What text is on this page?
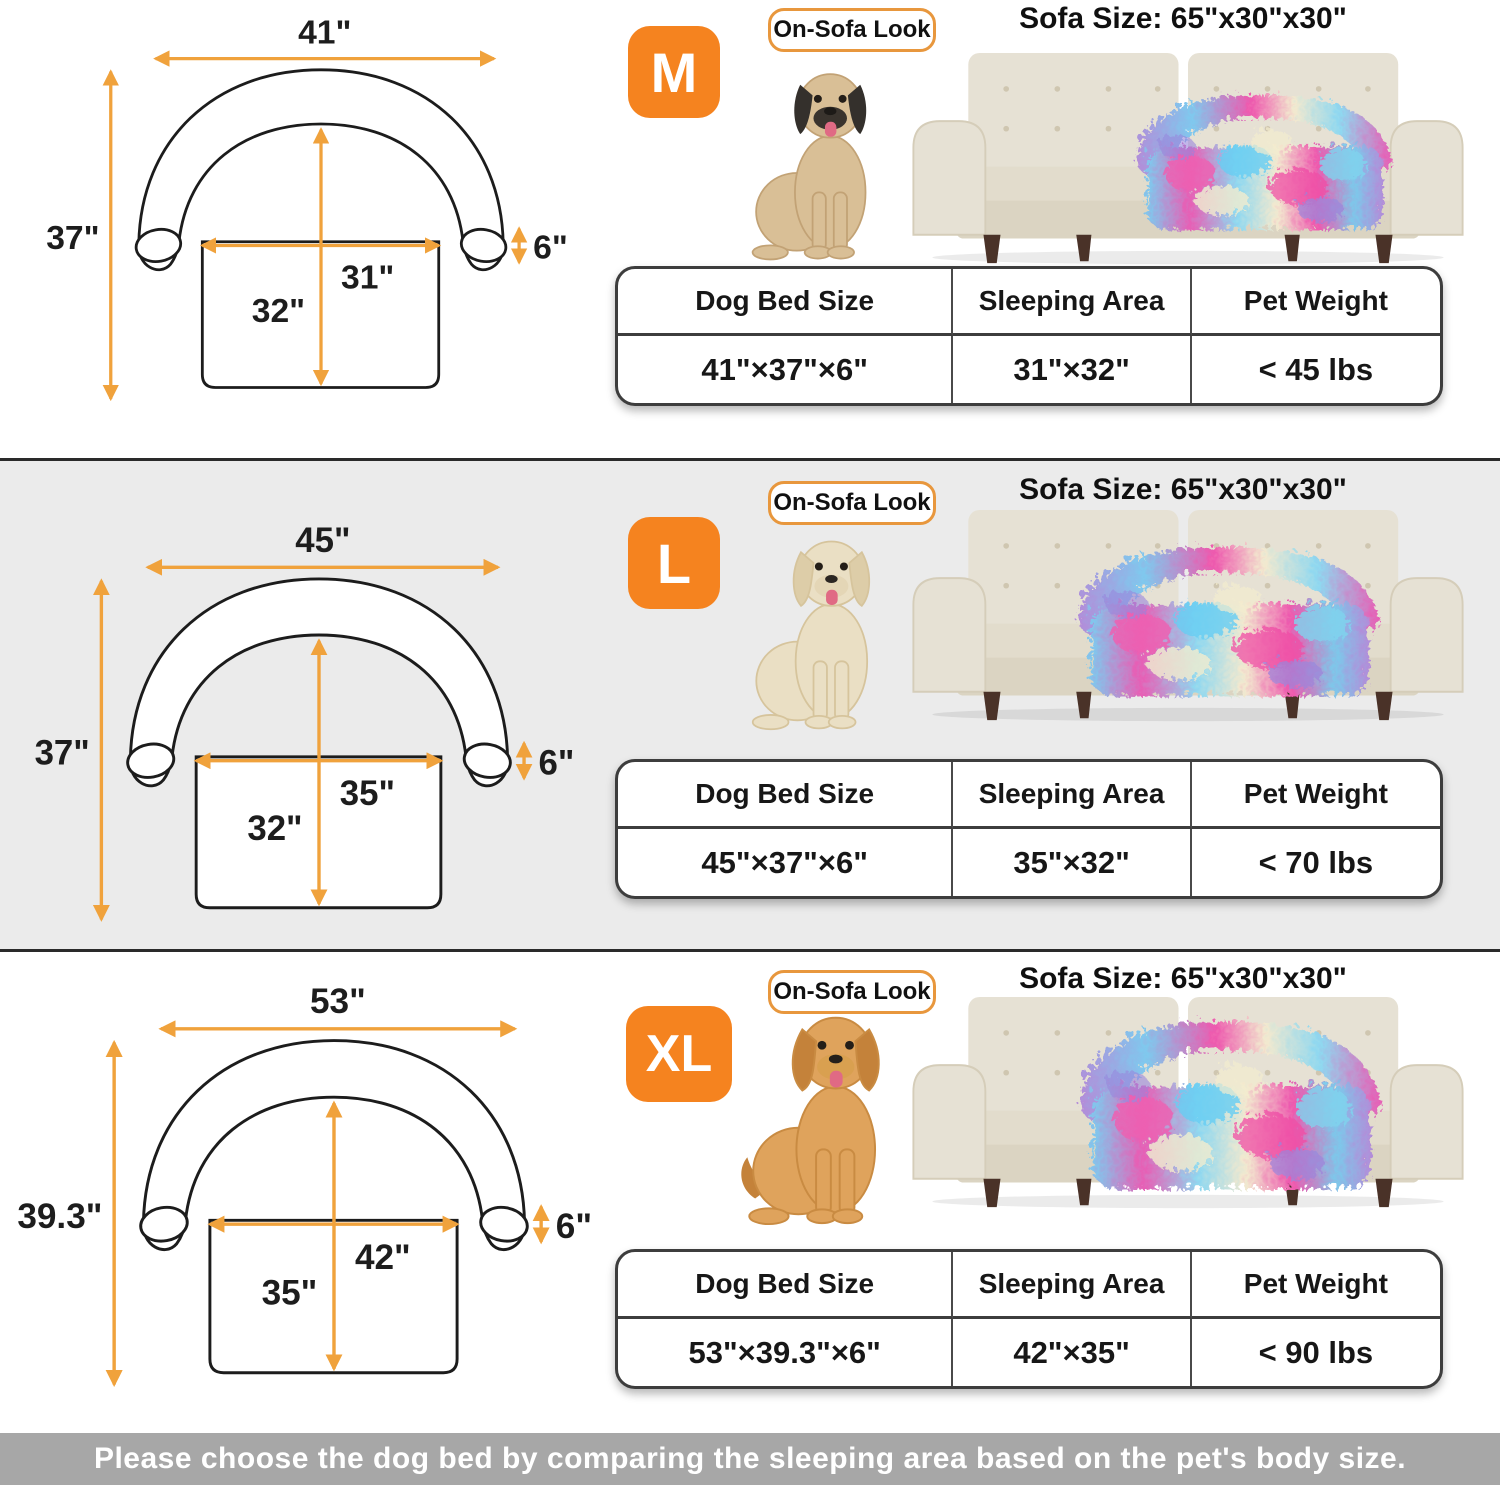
41"
37"
31"
32"
6"
M
On-Sofa Look	Sofa Size: 65"x30"x30"
Dog Bed Size	Sleeping Area	Pet Weight
41"×37"×6"	31"×32"	< 45 lbs
45"
37"
35"
32"
6"
L
On-Sofa Look	Sofa Size: 65"x30"x30"
Dog Bed Size	Sleeping Area	Pet Weight
45"×37"×6"	35"×32"	< 70 lbs
53"
39.3"
42"
35"
6"
XL
On-Sofa Look	Sofa Size: 65"x30"x30"
Dog Bed Size	Sleeping Area	Pet Weight
53"×39.3"×6"	42"×35"	< 90 lbs
Please choose the dog bed by comparing the sleeping area based on the pet's body size.
